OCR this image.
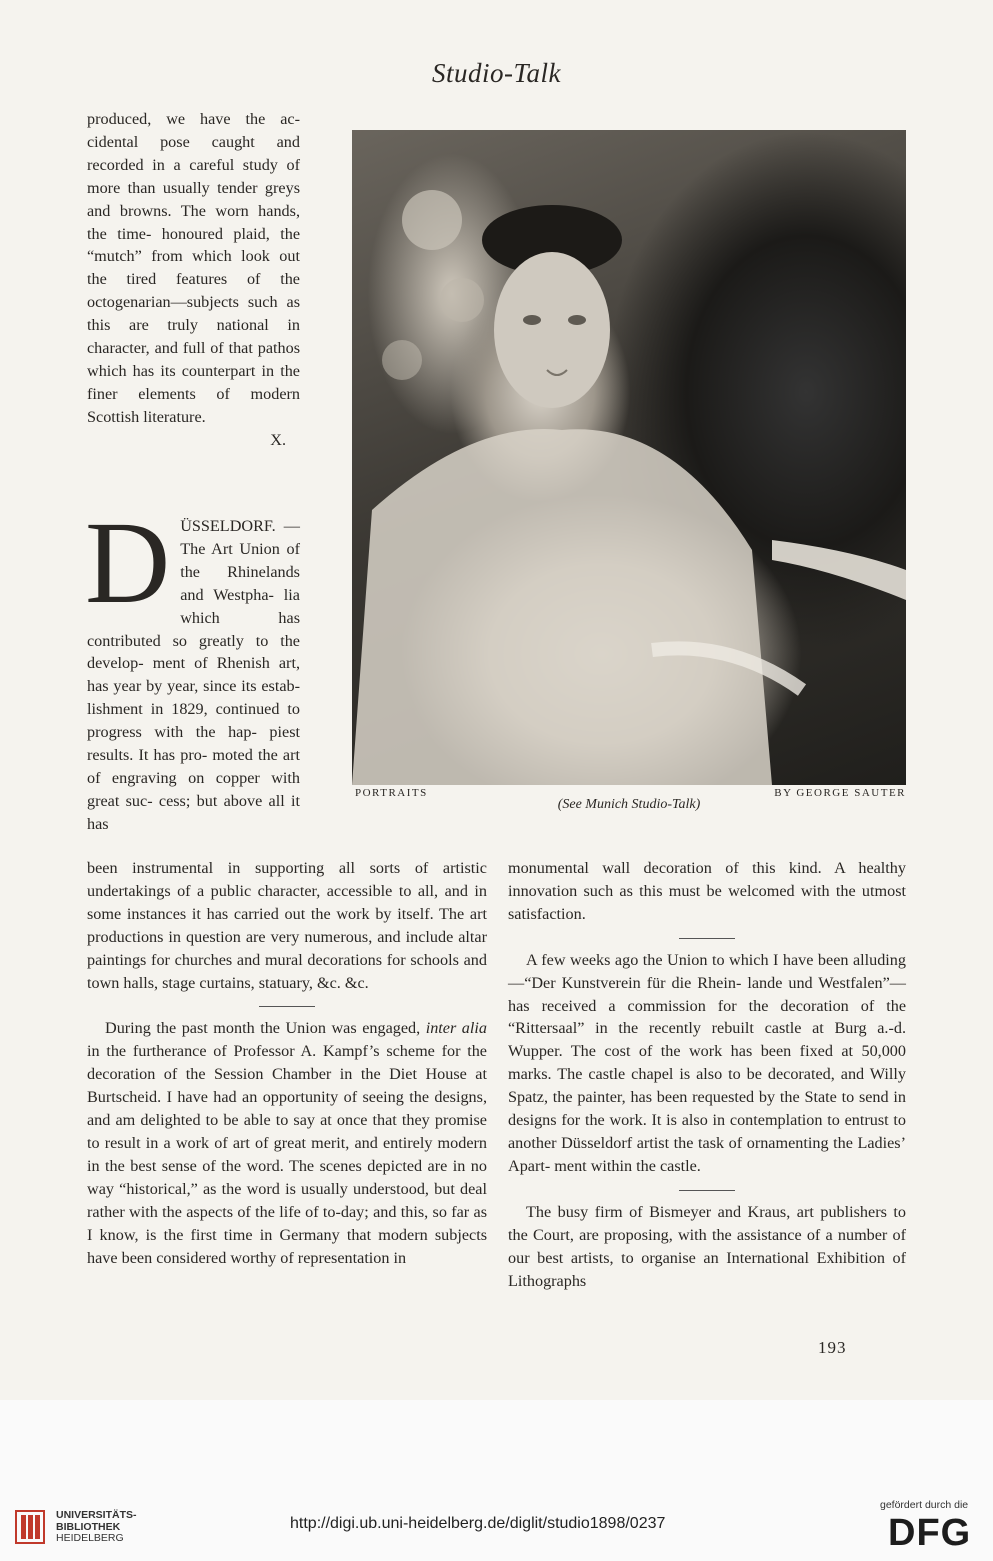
Studio-Talk

produced, we have the ac- cidental pose caught and recorded in a careful study of more than usually tender greys and browns. The worn hands, the time- honoured plaid, the “mutch” from which look out the tired features of the octogenarian—subjects such as this are truly national in character, and full of that pathos which has its counterpart in the finer elements of modern Scottish literature.

X.

D ÜSSELDORF. —The Art Union of the Rhinelands and Westpha- lia which has contributed so greatly to the develop- ment of Rhenish art, has year by year, since its estab- lishment in 1829, continued to progress with the hap- piest results. It has pro- moted the art of engraving on copper with great suc- cess; but above all it has
PORTRAITS	BY GEORGE SAUTER
(See Munich Studio-Talk)

been instrumental in supporting all sorts of artistic undertakings of a public character, accessible to all, and in some instances it has carried out the work by itself. The art productions in question are very numerous, and include altar paintings for churches and mural decorations for schools and town halls, stage curtains, statuary, &c. &c.

During the past month the Union was engaged, inter alia in the furtherance of Professor A. Kampf’s scheme for the decoration of the Session Chamber in the Diet House at Burtscheid. I have had an opportunity of seeing the designs, and am delighted to be able to say at once that they promise to result in a work of art of great merit, and entirely modern in the best sense of the word. The scenes depicted are in no way “historical,” as the word is usually understood, but deal rather with the aspects of the life of to-day; and this, so far as I know, is the first time in Germany that modern subjects have been considered worthy of representation in

monumental wall decoration of this kind. A healthy innovation such as this must be welcomed with the utmost satisfaction.

A few weeks ago the Union to which I have been alluding—“Der Kunstverein für die Rhein- lande und Westfalen”—has received a commission for the decoration of the “Rittersaal” in the recently rebuilt castle at Burg a.-d. Wupper. The cost of the work has been fixed at 50,000 marks. The castle chapel is also to be decorated, and Willy Spatz, the painter, has been requested by the State to send in designs for the work. It is also in contemplation to entrust to another Düsseldorf artist the task of ornamenting the Ladies’ Apart- ment within the castle.

The busy firm of Bismeyer and Kraus, art publishers to the Court, are proposing, with the assistance of a number of our best artists, to organise an International Exhibition of Lithographs

193
UNIVERSITÄTS-
BIBLIOTHEK
HEIDELBERG
http://digi.ub.uni-heidelberg.de/diglit/studio1898/0237
gefördert durch die
DFG
